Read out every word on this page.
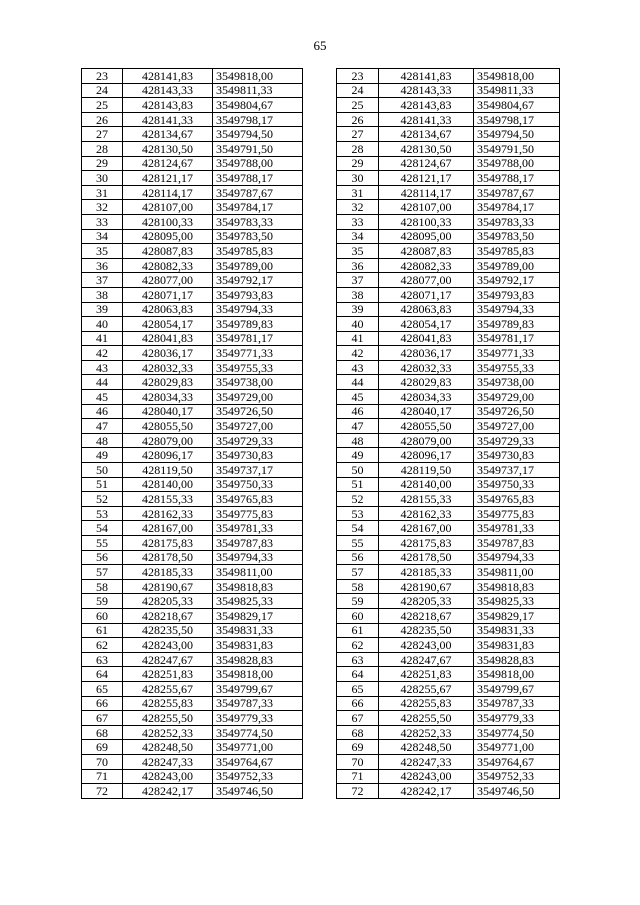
65
23	428141,83	3549818,00		23	428141,83	3549818,00
24	428143,33	3549811,33		24	428143,33	3549811,33
25	428143,83	3549804,67		25	428143,83	3549804,67
26	428141,33	3549798,17		26	428141,33	3549798,17
27	428134,67	3549794,50		27	428134,67	3549794,50
28	428130,50	3549791,50		28	428130,50	3549791,50
29	428124,67	3549788,00		29	428124,67	3549788,00
30	428121,17	3549788,17		30	428121,17	3549788,17
31	428114,17	3549787,67		31	428114,17	3549787,67
32	428107,00	3549784,17		32	428107,00	3549784,17
33	428100,33	3549783,33		33	428100,33	3549783,33
34	428095,00	3549783,50		34	428095,00	3549783,50
35	428087,83	3549785,83		35	428087,83	3549785,83
36	428082,33	3549789,00		36	428082,33	3549789,00
37	428077,00	3549792,17		37	428077,00	3549792,17
38	428071,17	3549793,83		38	428071,17	3549793,83
39	428063,83	3549794,33		39	428063,83	3549794,33
40	428054,17	3549789,83		40	428054,17	3549789,83
41	428041,83	3549781,17		41	428041,83	3549781,17
42	428036,17	3549771,33		42	428036,17	3549771,33
43	428032,33	3549755,33		43	428032,33	3549755,33
44	428029,83	3549738,00		44	428029,83	3549738,00
45	428034,33	3549729,00		45	428034,33	3549729,00
46	428040,17	3549726,50		46	428040,17	3549726,50
47	428055,50	3549727,00		47	428055,50	3549727,00
48	428079,00	3549729,33		48	428079,00	3549729,33
49	428096,17	3549730,83		49	428096,17	3549730,83
50	428119,50	3549737,17		50	428119,50	3549737,17
51	428140,00	3549750,33		51	428140,00	3549750,33
52	428155,33	3549765,83		52	428155,33	3549765,83
53	428162,33	3549775,83		53	428162,33	3549775,83
54	428167,00	3549781,33		54	428167,00	3549781,33
55	428175,83	3549787,83		55	428175,83	3549787,83
56	428178,50	3549794,33		56	428178,50	3549794,33
57	428185,33	3549811,00		57	428185,33	3549811,00
58	428190,67	3549818,83		58	428190,67	3549818,83
59	428205,33	3549825,33		59	428205,33	3549825,33
60	428218,67	3549829,17		60	428218,67	3549829,17
61	428235,50	3549831,33		61	428235,50	3549831,33
62	428243,00	3549831,83		62	428243,00	3549831,83
63	428247,67	3549828,83		63	428247,67	3549828,83
64	428251,83	3549818,00		64	428251,83	3549818,00
65	428255,67	3549799,67		65	428255,67	3549799,67
66	428255,83	3549787,33		66	428255,83	3549787,33
67	428255,50	3549779,33		67	428255,50	3549779,33
68	428252,33	3549774,50		68	428252,33	3549774,50
69	428248,50	3549771,00		69	428248,50	3549771,00
70	428247,33	3549764,67		70	428247,33	3549764,67
71	428243,00	3549752,33		71	428243,00	3549752,33
72	428242,17	3549746,50		72	428242,17	3549746,50
